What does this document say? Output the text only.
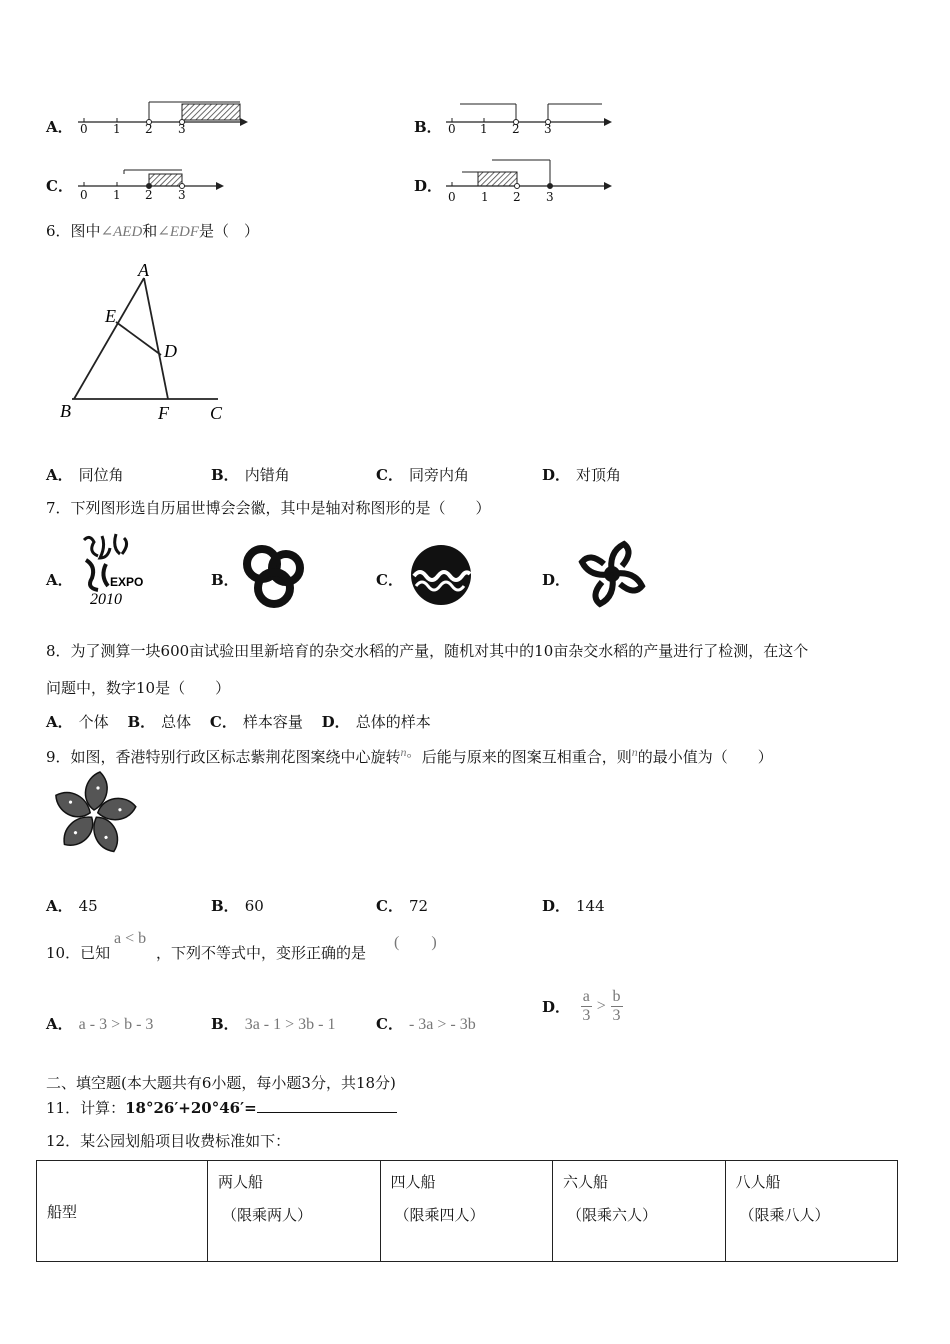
A． 0 1 2 3	B． 0 1 2 3
C． 0 1 2 3	D．
0 1 2 3
6．图中∠AED和∠EDF是（　）
A
E
D
B	F C
A． 同位角	B． 内错角	C． 同旁内角	D． 对顶角
7．下列图形选自历届世博会会徽，其中是轴对称图形的是（　　）
A．	EXPO
2010
B．	C．	D．
8．为了测算一块600亩试验田里新培育的杂交水稻的产量，随机对其中的10亩杂交水稻的产量进行了检测，在这个
问题中，数字10是（　　）
A． 个体 B． 总体 C． 样本容量 D． 总体的样本
9．如图，香港特别行政区标志紫荆花图案绕中心旋转$^n$° 后能与原来的图案互相重合，则$^n$的最小值为（　　）
A． 45	B． 60	C． 72	D． 144
10．已知
a < b
，下列不等式中，变形正确的是
(　　)
A． a - 3 > b - 3	B． 3a - 1 > 3b - 1	C． - 3a > - 3b
D． $\frac{a}{3} > \frac{b}{3}$
二、填空题(本大题共有6小题，每小题3分，共18分)
11．计算：18°26′+20°46′=
12．某公园划船项目收费标准如下：
船型	两人船
（限乘两人）
	四人船
（限乘四人）
	六人船
（限乘六人）
	八人船
（限乘八人）
